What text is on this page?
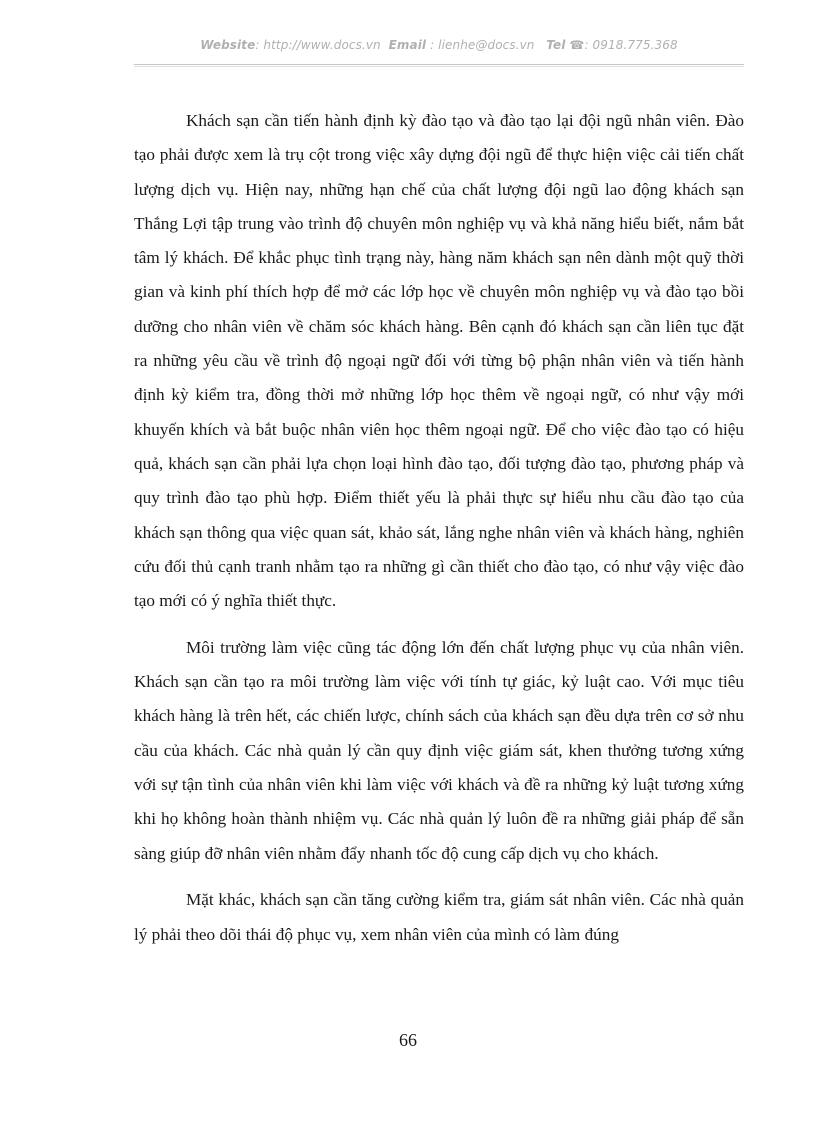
Website: http://www.docs.vn Email : lienhe@docs.vn Tel ☎: 0918.775.368

Khách sạn cần tiến hành định kỳ đào tạo và đào tạo lại đội ngũ nhân viên. Đào tạo phải được xem là trụ cột trong việc xây dựng đội ngũ để thực hiện việc cải tiến chất lượng dịch vụ. Hiện nay, những hạn chế của chất lượng đội ngũ lao động khách sạn Thắng Lợi tập trung vào trình độ chuyên môn nghiệp vụ và khả năng hiểu biết, nắm bắt tâm lý khách. Để khắc phục tình trạng này, hàng năm khách sạn nên dành một quỹ thời gian và kinh phí thích hợp để mở các lớp học về chuyên môn nghiệp vụ và đào tạo bồi dưỡng cho nhân viên về chăm sóc khách hàng. Bên cạnh đó khách sạn cần liên tục đặt ra những yêu cầu về trình độ ngoại ngữ đối với từng bộ phận nhân viên và tiến hành định kỳ kiểm tra, đồng thời mở những lớp học thêm về ngoại ngữ, có như vậy mới khuyến khích và bắt buộc nhân viên học thêm ngoại ngữ. Để cho việc đào tạo có hiệu quả, khách sạn cần phải lựa chọn loại hình đào tạo, đối tượng đào tạo, phương pháp và quy trình đào tạo phù hợp. Điểm thiết yếu là phải thực sự hiểu nhu cầu đào tạo của khách sạn thông qua việc quan sát, khảo sát, lắng nghe nhân viên và khách hàng, nghiên cứu đối thủ cạnh tranh nhằm tạo ra những gì cần thiết cho đào tạo, có như vậy việc đào tạo mới có ý nghĩa thiết thực.

Môi trường làm việc cũng tác động lớn đến chất lượng phục vụ của nhân viên. Khách sạn cần tạo ra môi trường làm việc với tính tự giác, kỷ luật cao. Với mục tiêu khách hàng là trên hết, các chiến lược, chính sách của khách sạn đều dựa trên cơ sở nhu cầu của khách. Các nhà quản lý cần quy định việc giám sát, khen thưởng tương xứng với sự tận tình của nhân viên khi làm việc với khách và đề ra những kỷ luật tương xứng khi họ không hoàn thành nhiệm vụ. Các nhà quản lý luôn đề ra những giải pháp để sẵn sàng giúp đỡ nhân viên nhằm đẩy nhanh tốc độ cung cấp dịch vụ cho khách.

Mặt khác, khách sạn cần tăng cường kiểm tra, giám sát nhân viên. Các nhà quản lý phải theo dõi thái độ phục vụ, xem nhân viên của mình có làm đúng

66
